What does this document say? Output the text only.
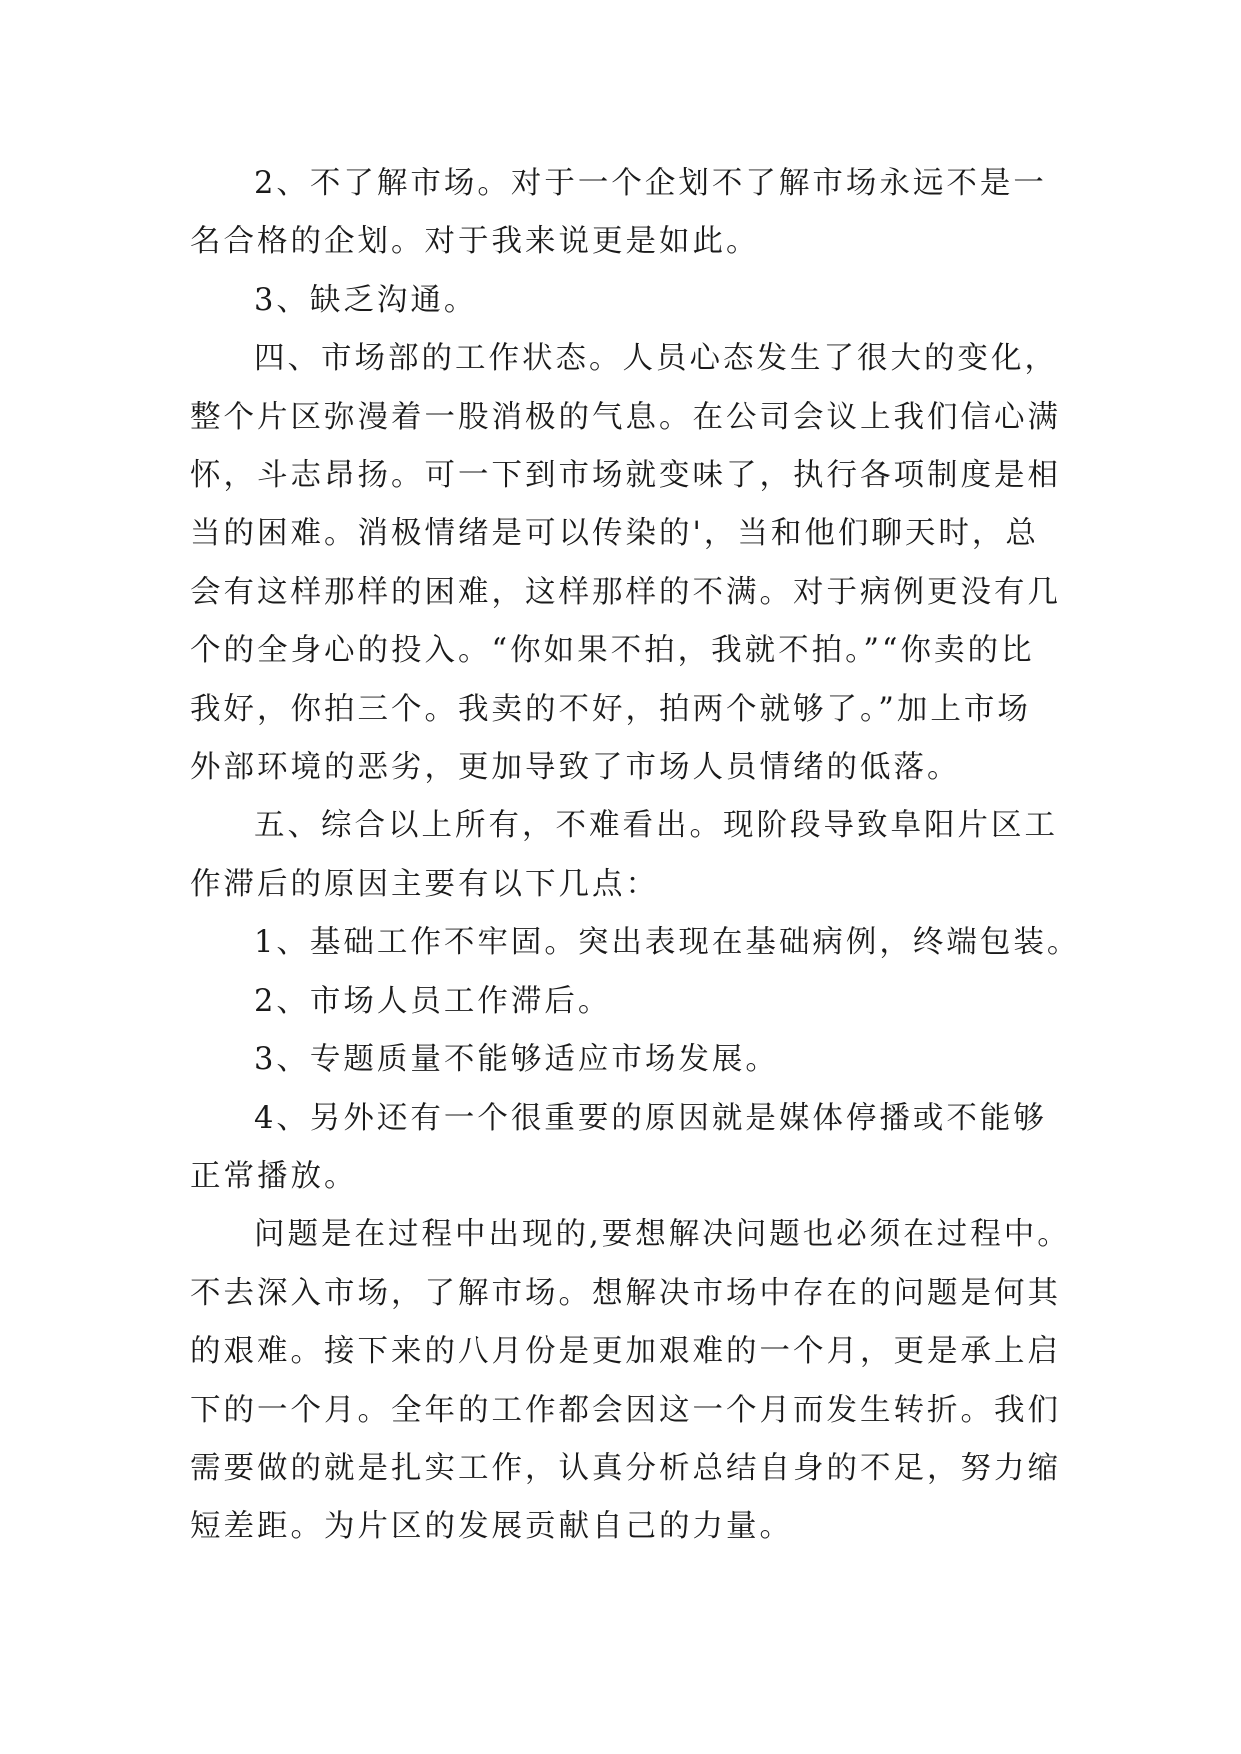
2、不了解市场。对于一个企划不了解市场永远不是一
名合格的企划。对于我来说更是如此。
3、缺乏沟通。
四、市场部的工作状态。人员心态发生了很大的变化，
整个片区弥漫着一股消极的气息。在公司会议上我们信心满
怀，斗志昂扬。可一下到市场就变味了，执行各项制度是相
当的困难。消极情绪是可以传染的'，当和他们聊天时，总
会有这样那样的困难，这样那样的不满。对于病例更没有几
个的全身心的投入。“你如果不拍，我就不拍。”“你卖的比
我好，你拍三个。我卖的不好，拍两个就够了。”加上市场
外部环境的恶劣，更加导致了市场人员情绪的低落。
五、综合以上所有，不难看出。现阶段导致阜阳片区工
作滞后的原因主要有以下几点：
1、基础工作不牢固。突出表现在基础病例，终端包装。
2、市场人员工作滞后。
3、专题质量不能够适应市场发展。
4、另外还有一个很重要的原因就是媒体停播或不能够
正常播放。
问题是在过程中出现的,要想解决问题也必须在过程中。
不去深入市场，了解市场。想解决市场中存在的问题是何其
的艰难。接下来的八月份是更加艰难的一个月，更是承上启
下的一个月。全年的工作都会因这一个月而发生转折。我们
需要做的就是扎实工作，认真分析总结自身的不足，努力缩
短差距。为片区的发展贡献自己的力量。
